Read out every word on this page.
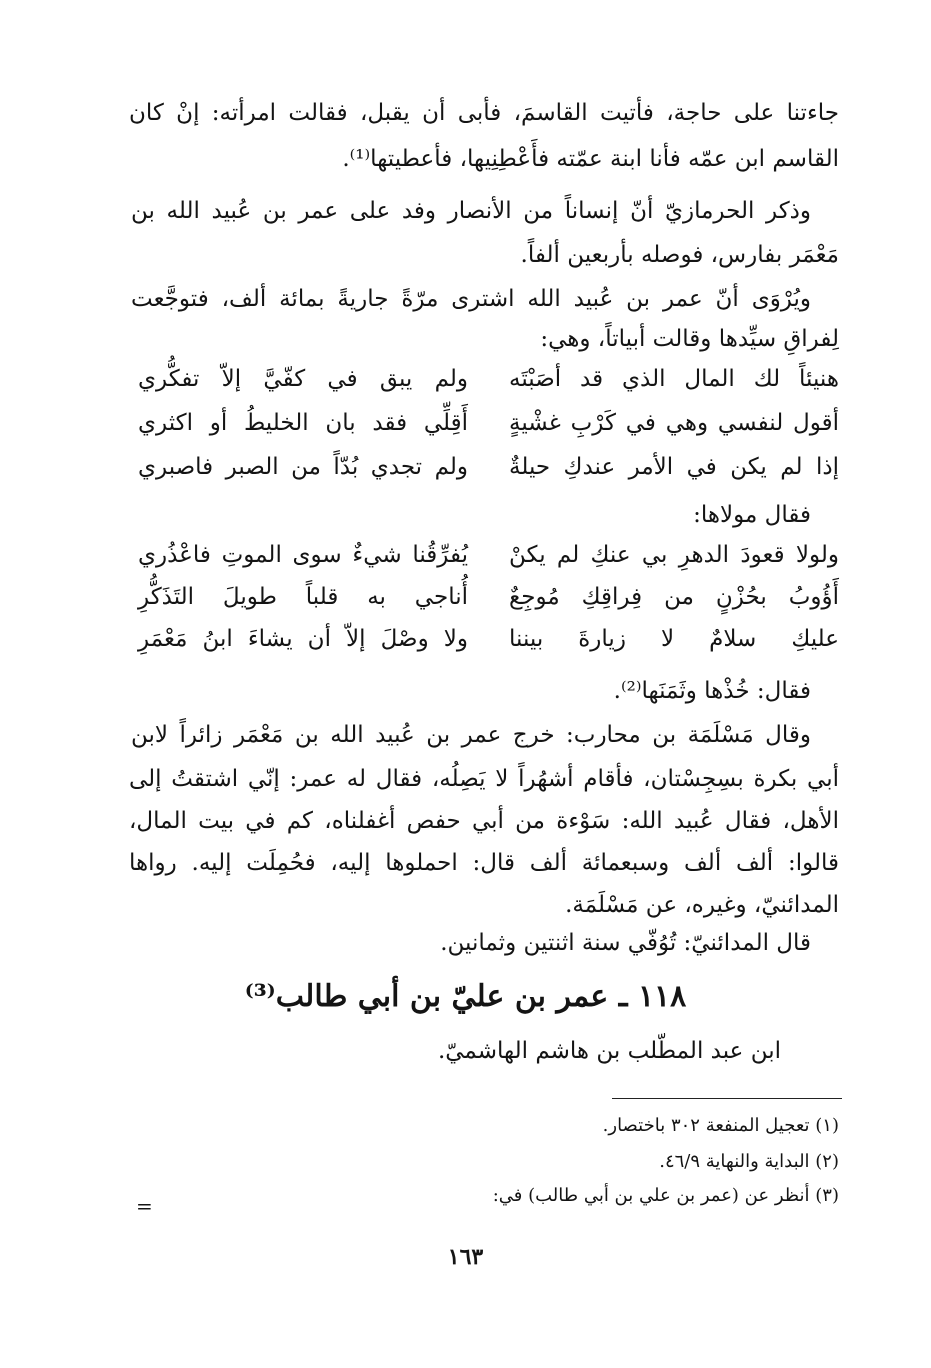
جاءتنا على حاجة، فأتيت القاسمَ، فأبى أن يقبل، فقالت امرأته: إنْ كان
القاسم ابن عمّه فأنا ابنة عمّته فأَعْطِنِيها، فأعطيتها⁽¹⁾.
وذكر الحرمازيّ أنّ إنساناً من الأنصار وفد على عمر بن عُبيد الله بن
مَعْمَر بفارس، فوصله بأربعين ألفاً.
ويُرْوَى أنّ عمر بن عُبيد الله اشترى مرّةً جاريةً بمائة ألف، فتوجَّعت
لِفراقِ سيِّدها وقالت أبياتاً، وهي:
هنيئاً لك المال الذي قد أصَبْتَه
ولم يبق في كفّيَّ إلاّ تفكُّري
أقول لنفسي وهي في كَرْبِ غشْيةٍ
أَقِلِّي فقد بان الخليطُ أو اكثري
إذا لم يكن في الأمر عندكِ حيلةٌ
ولم تجدي بُدّاً من الصبر فاصبري
فقال مولاها:
ولولا قعودَ الدهرِ بي عنكِ لم يكنْ
يُفرِّقُنا شيءٌ سوى الموتِ فاعْذُري
أَؤُوبُ بحُزْنٍ من فِراقِكِ مُوجِعٌ
أُناجي به قلباً طويلَ التَذَكُّرِ
عليكِ سلامٌ لا زيارةَ بيننا
ولا وصْلَ إلاّ أن يشاءَ ابنُ مَعْمَرِ
فقال: خُذْها وثَمَنَها⁽²⁾.
وقال مَسْلَمَة بن محارب: خرج عمر بن عُبيد الله بن مَعْمَر زائراً لابن
أبي بكرة بسِجِسْتان، فأقام أشهُراً لا يَصِلُه، فقال له عمر: إنّي اشتقتُ إلى
الأهل، فقال عُبيد الله: سَوْءة من أبي حفص أغفلناه، كم في بيت المال،
قالوا: ألف ألف وسبعمائة ألف قال: احملوها إليه، فحُمِلَت إليه. رواها
المدائنيّ، وغيره، عن مَسْلَمَة.
قال المدائنيّ: تُوُفّي سنة اثنتين وثمانين.
١١٨ ـ عمر بن عليّ بن أبي طالب⁽³⁾
ابن عبد المطّلب بن هاشم الهاشميّ.
(١) تعجيل المنفعة ٣٠٢ باختصار.
(٢) البداية والنهاية ٤٦/٩.
(٣) أنظر عن (عمر بن علي بن أبي طالب) في:
=
١٦٣
